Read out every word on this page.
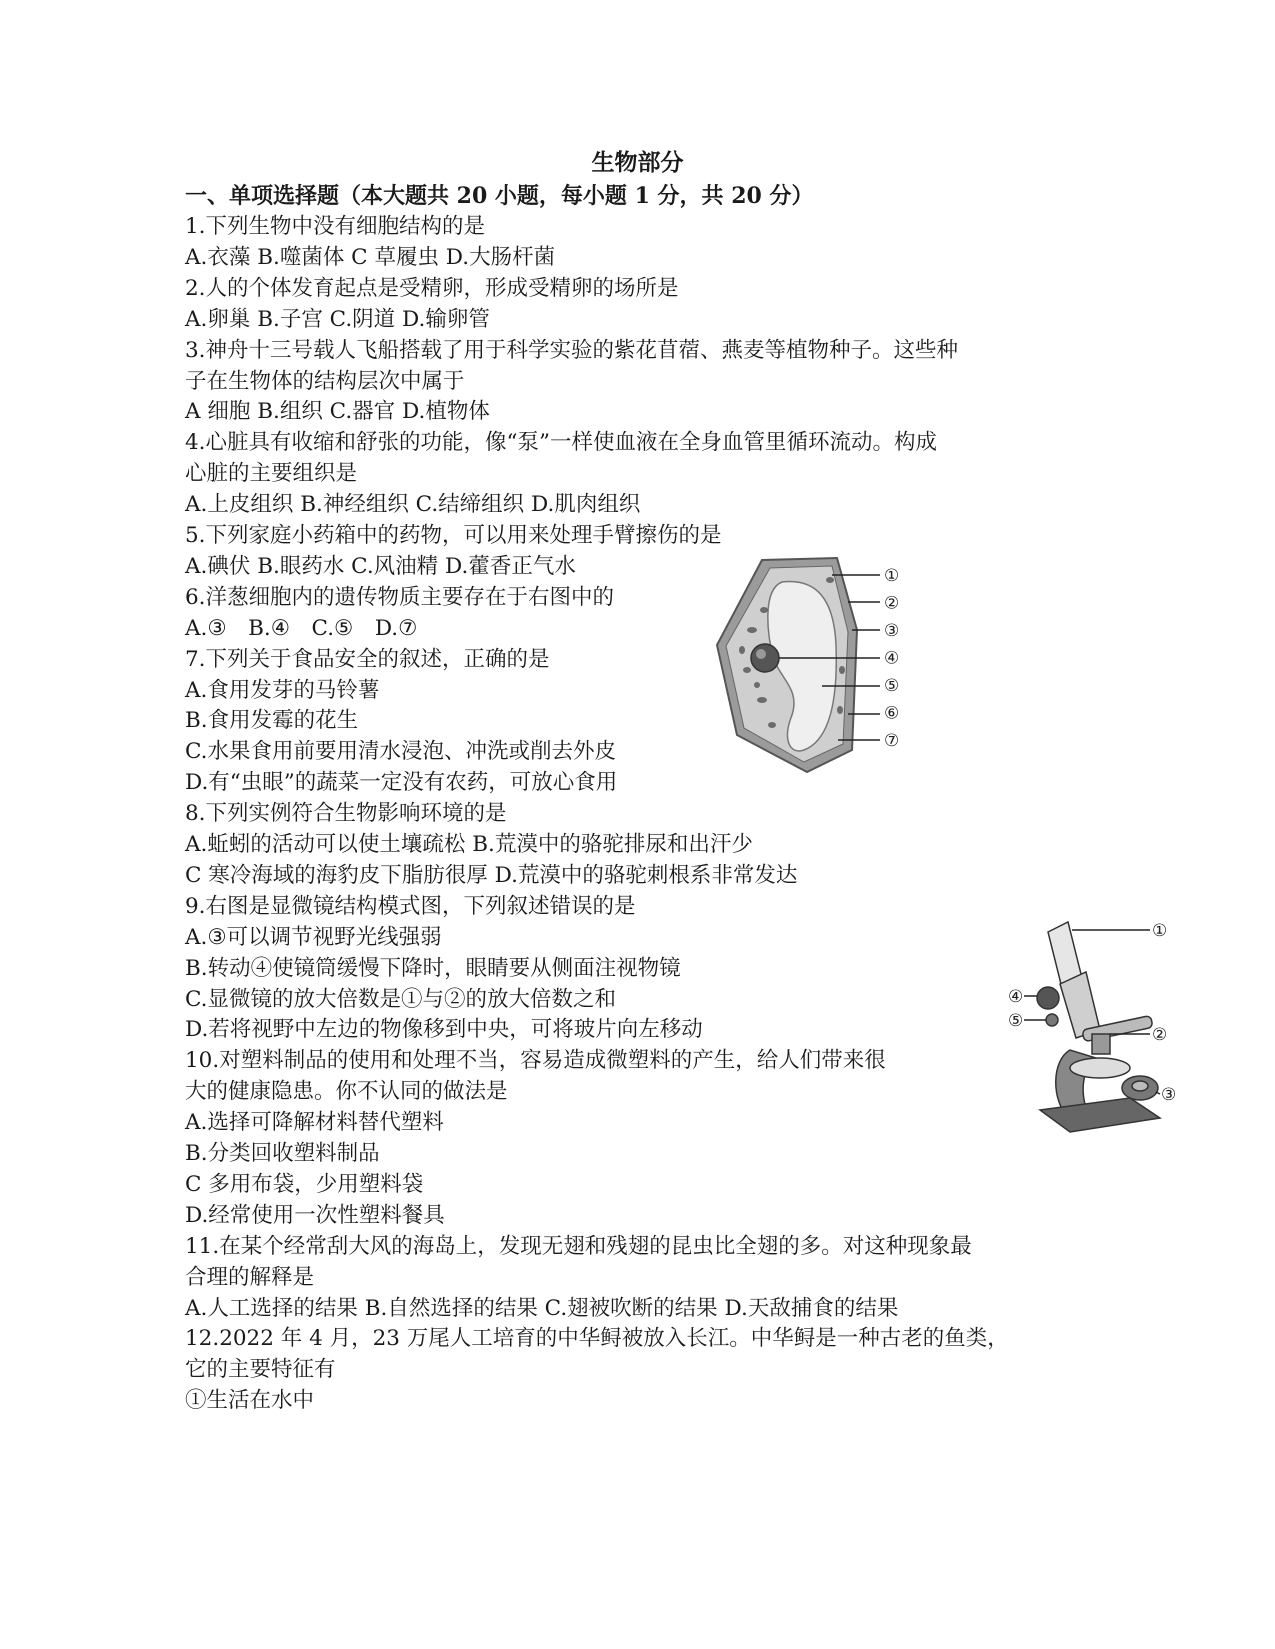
生物部分
一、单项选择题（本大题共 20 小题，每小题 1 分，共 20 分）
1.下列生物中没有细胞结构的是
A.衣藻 B.噬菌体 C 草履虫 D.大肠杆菌
2.人的个体发育起点是受精卵，形成受精卵的场所是
A.卵巢 B.子宫 C.阴道 D.输卵管
3.神舟十三号载人飞船搭载了用于科学实验的紫花苜蓿、燕麦等植物种子。这些种
子在生物体的结构层次中属于
A 细胞 B.组织 C.器官 D.植物体
4.心脏具有收缩和舒张的功能，像“泵”一样使血液在全身血管里循环流动。构成
心脏的主要组织是
A.上皮组织 B.神经组织 C.结缔组织 D.肌肉组织
5.下列家庭小药箱中的药物，可以用来处理手臂擦伤的是
A.碘伏 B.眼药水 C.风油精 D.藿香正气水
6.洋葱细胞内的遗传物质主要存在于右图中的
A.③　B.④　C.⑤　D.⑦
7.下列关于食品安全的叙述，正确的是
A.食用发芽的马铃薯
B.食用发霉的花生
C.水果食用前要用清水浸泡、冲洗或削去外皮
D.有“虫眼”的蔬菜一定没有农药，可放心食用
8.下列实例符合生物影响环境的是
A.蚯蚓的活动可以使土壤疏松 B.荒漠中的骆驼排尿和出汗少
C 寒冷海域的海豹皮下脂肪很厚 D.荒漠中的骆驼刺根系非常发达
9.右图是显微镜结构模式图，下列叙述错误的是
A.③可以调节视野光线强弱
B.转动④使镜筒缓慢下降时，眼睛要从侧面注视物镜
C.显微镜的放大倍数是①与②的放大倍数之和
D.若将视野中左边的物像移到中央，可将玻片向左移动
10.对塑料制品的使用和处理不当，容易造成微塑料的产生，给人们带来很
大的健康隐患。你不认同的做法是
A.选择可降解材料替代塑料
B.分类回收塑料制品
C 多用布袋，少用塑料袋
D.经常使用一次性塑料餐具
11.在某个经常刮大风的海岛上，发现无翅和残翅的昆虫比全翅的多。对这种现象最
合理的解释是
A.人工选择的结果 B.自然选择的结果 C.翅被吹断的结果 D.天敌捕食的结果
12.2022 年 4 月，23 万尾人工培育的中华鲟被放入长江。中华鲟是一种古老的鱼类，
它的主要特征有
①生活在水中
①
②
③
④
⑤
⑥
⑦
①
②
③
④
⑤
